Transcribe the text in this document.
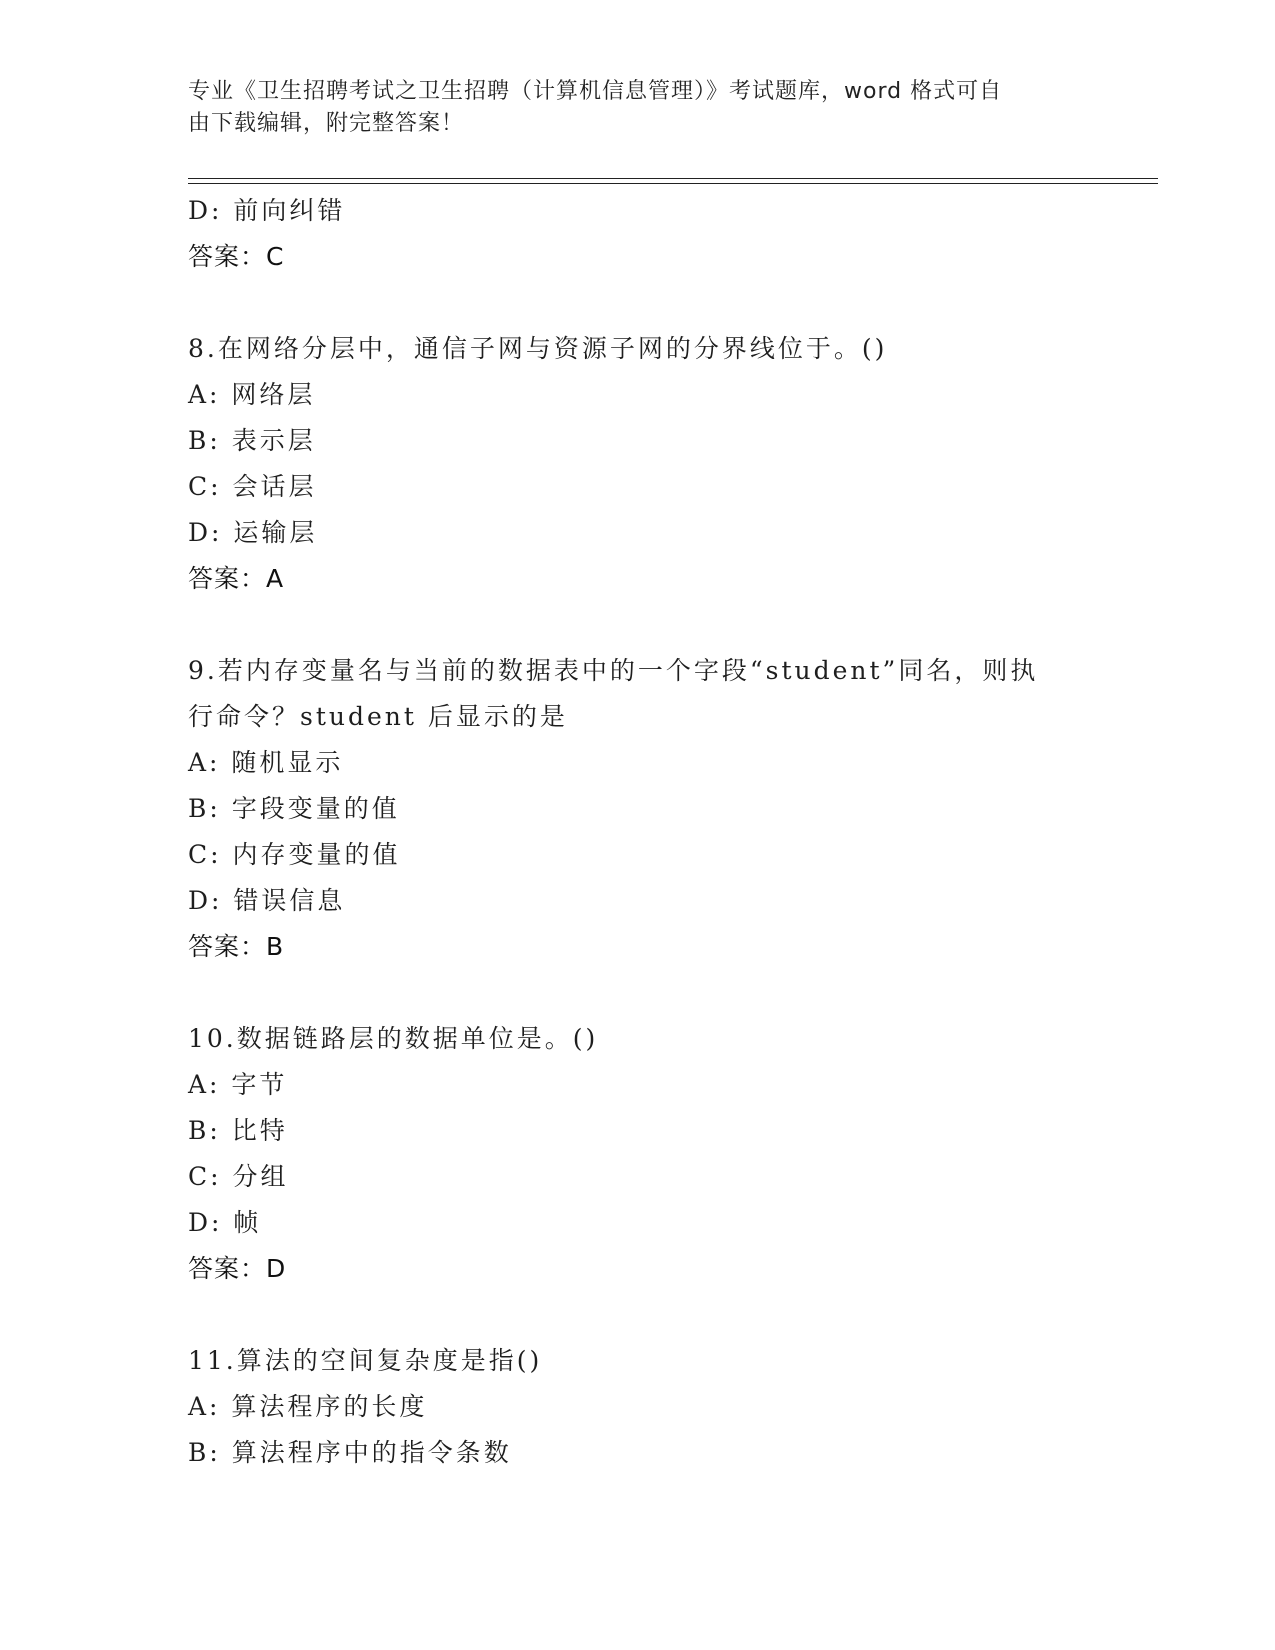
专业《卫生招聘考试之卫生招聘（计算机信息管理）》考试题库，word 格式可自
由下载编辑，附完整答案！
D: 前向纠错
答案：C
8.在网络分层中，通信子网与资源子网的分界线位于。()
A: 网络层
B: 表示层
C: 会话层
D: 运输层
答案：A
9.若内存变量名与当前的数据表中的一个字段“student”同名，则执
行命令？student 后显示的是
A: 随机显示
B: 字段变量的值
C: 内存变量的值
D: 错误信息
答案：B
10.数据链路层的数据单位是。()
A: 字节
B: 比特
C: 分组
D: 帧
答案：D
11.算法的空间复杂度是指()
A: 算法程序的长度
B: 算法程序中的指令条数
